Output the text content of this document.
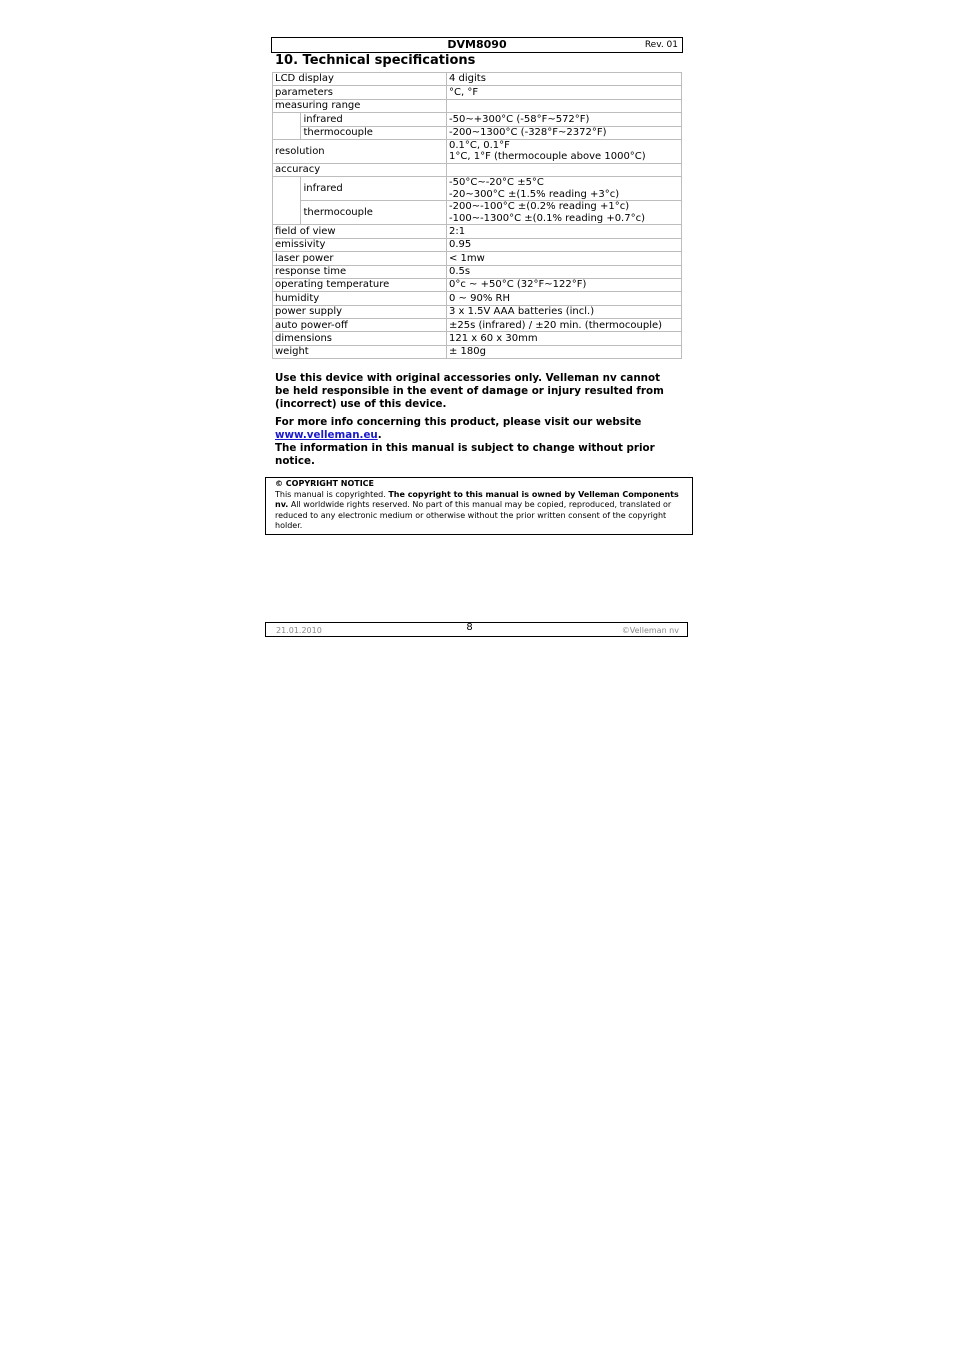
DVM8090	Rev. 01
10. Technical specifications
LCD display		4 digits
parameters		°C, °F
measuring range		
	infrared	-50~+300°C (-58°F~572°F)
	thermocouple	-200~1300°C (-328°F~2372°F)
resolution		0.1°C, 0.1°F
1°C, 1°F (thermocouple above 1000°C)

accuracy		
	infrared	-50°C~-20°C ±5°C
-20~300°C ±(1.5% reading +3°c)

	thermocouple	-200~-100°C ±(0.2% reading +1°c)
-100~-1300°C ±(0.1% reading +0.7°c)

field of view		2:1
emissivity		0.95
laser power		< 1mw
response time		0.5s
operating temperature		0°c ~ +50°C (32°F~122°F)
humidity		0 ~ 90% RH
power supply		3 x 1.5V AAA batteries (incl.)
auto power-off		±25s (infrared) / ±20 min. (thermocouple)
dimensions		121 x 60 x 30mm
weight		± 180g

Use this device with original accessories only. Velleman nv cannot be held responsible in the event of damage or injury resulted from (incorrect) use of this device.

For more info concerning this product, please visit our website
www.velleman.eu.
The information in this manual is subject to change without prior notice.

© COPYRIGHT NOTICE
This manual is copyrighted. The copyright to this manual is owned by Velleman Components nv. All worldwide rights reserved. No part of this manual may be copied, reproduced, translated or reduced to any electronic medium or otherwise without the prior written consent of the copyright holder.
21.01.2010	8	©Velleman nv
